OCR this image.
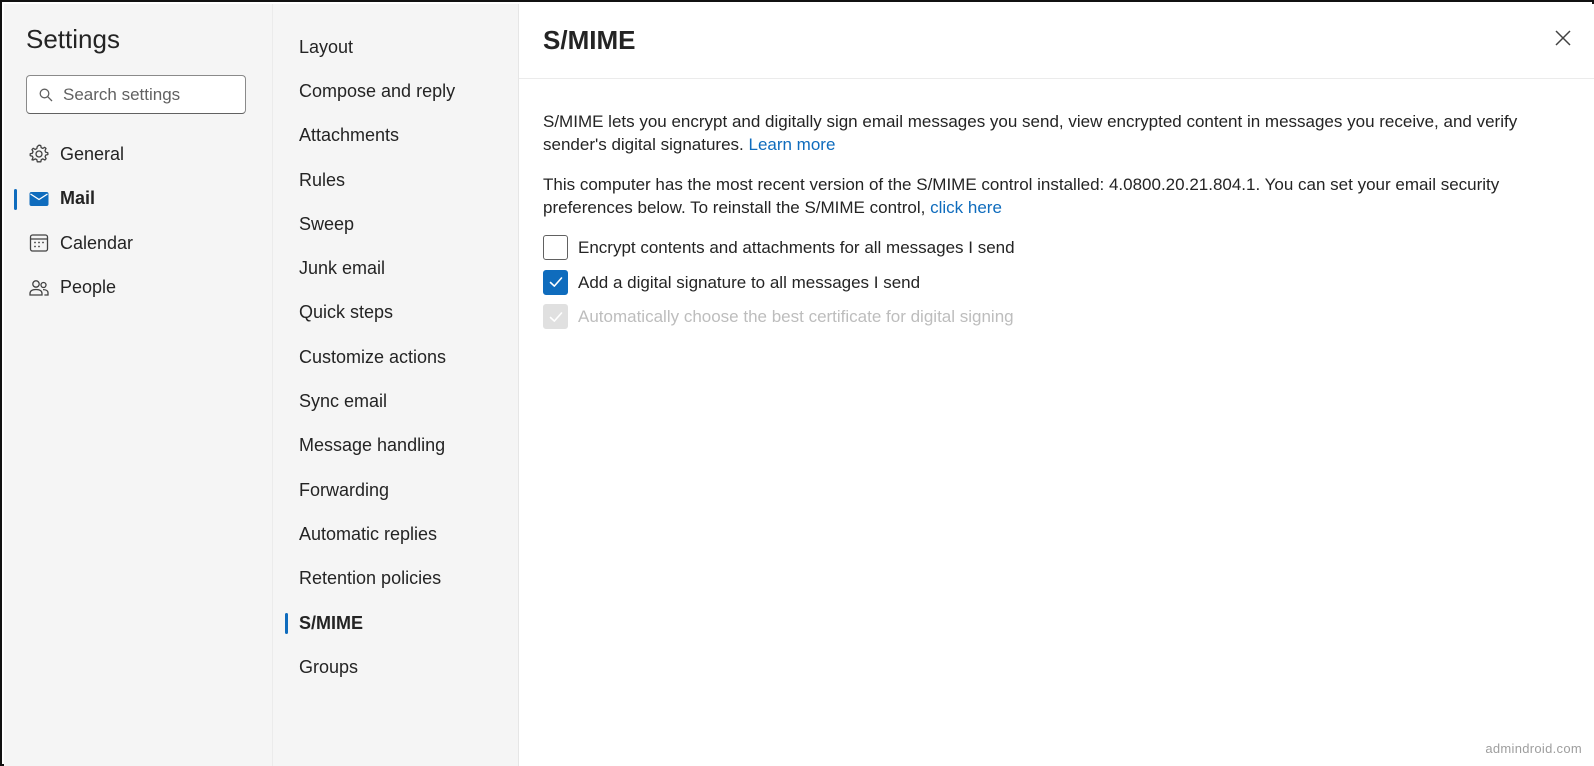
Settings
Search settings
General
Mail
Calendar
People
Layout
Compose and reply
Attachments
Rules
Sweep
Junk email
Quick steps
Customize actions
Sync email
Message handling
Forwarding
Automatic replies
Retention policies
S/MIME
Groups
S/MIME

S/MIME lets you encrypt and digitally sign email messages you send, view encrypted content in messages you receive, and verify sender's digital signatures. Learn more

This computer has the most recent version of the S/MIME control installed: 4.0800.20.21.804.1. You can set your email security preferences below. To reinstall the S/MIME control, click here

Encrypt contents and attachments for all messages I send
Add a digital signature to all messages I send
Automatically choose the best certificate for digital signing
admindroid.com
